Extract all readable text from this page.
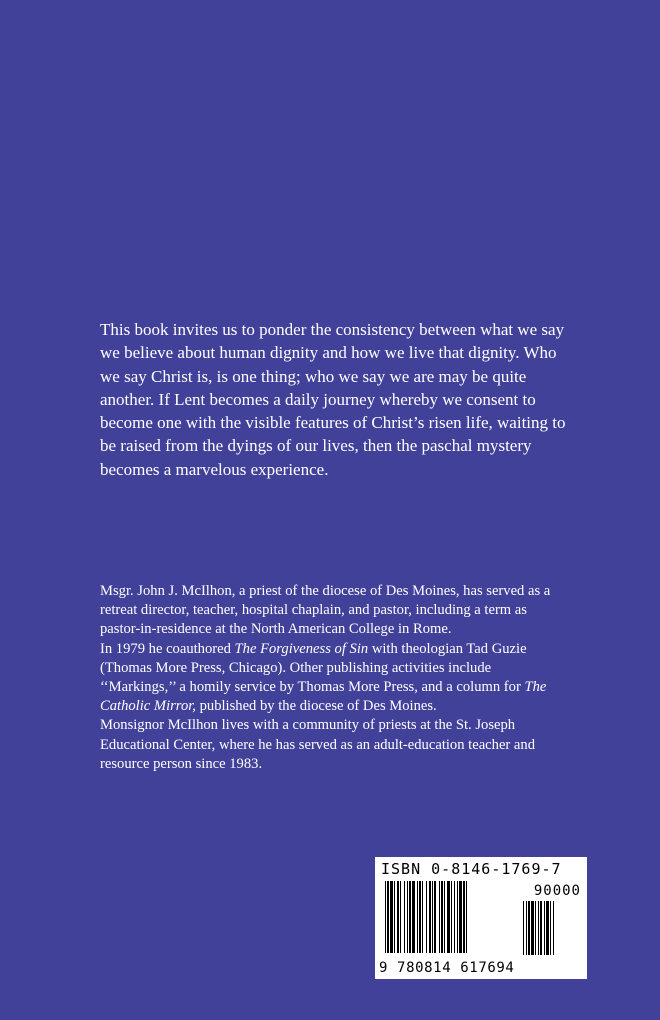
This book invites us to ponder the consistency between what we say we believe about human dignity and how we live that dignity. Who we say Christ is, is one thing; who we say we are may be quite another. If Lent becomes a daily journey whereby we consent to become one with the visible features of Christ’s risen life, waiting to be raised from the dyings of our lives, then the paschal mystery becomes a marvelous experience.

Msgr. John J. McIlhon, a priest of the diocese of Des Moines, has served as a retreat director, teacher, hospital chaplain, and pastor, including a term as pastor-in-residence at the North American College in Rome.

In 1979 he coauthored The Forgiveness of Sin with theologian Tad Guzie (Thomas More Press, Chicago). Other publishing activities include ‘‘Markings,’’ a homily service by Thomas More Press, and a column for The Catholic Mirror, published by the diocese of Des Moines.

Monsignor McIlhon lives with a community of priests at the St. Joseph Educational Center, where he has served as an adult-education teacher and resource person since 1983.

ISBN 0-8146-1769-7
90000
9 780814 617694
